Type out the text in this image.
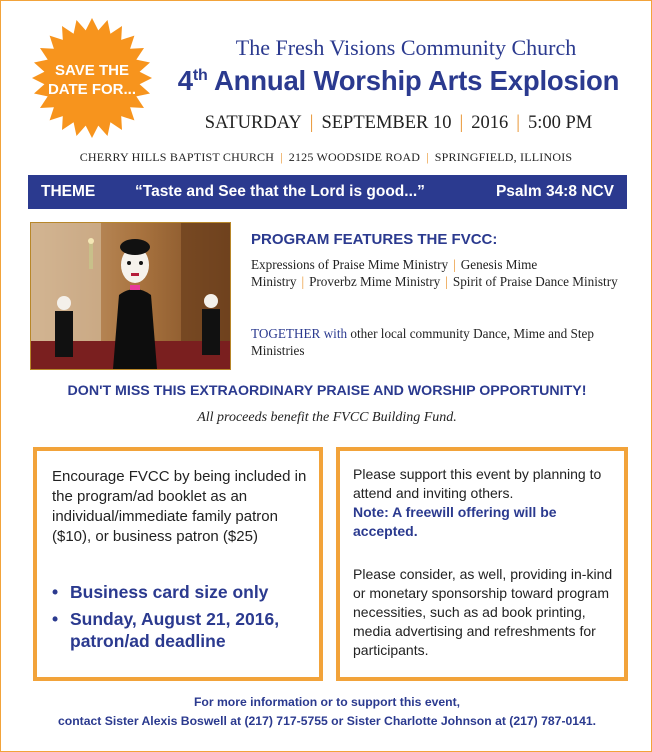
SAVE THE
DATE FOR...
The Fresh Visions Community Church
4th Annual Worship Arts Explosion
SATURDAY | SEPTEMBER 10 | 2016 | 5:00 PM
CHERRY HILLS BAPTIST CHURCH | 2125 WOODSIDE ROAD | SPRINGFIELD, ILLINOIS
THEME	“Taste and See that the Lord is good...”	Psalm 34:8 NCV
PROGRAM FEATURES THE FVCC:
Expressions of Praise Mime Ministry | Genesis Mime Ministry | Proverbz Mime Ministry | Spirit of Praise Dance Ministry
TOGETHER with other local community Dance, Mime and Step Ministries
DON'T MISS THIS EXTRAORDINARY PRAISE AND WORSHIP OPPORTUNITY!
All proceeds benefit the FVCC Building Fund.
Encourage FVCC by being included in the program/ad booklet as an individual/immediate family patron ($10), or business patron ($25)
• Business card size only
• Sunday, August 21, 2016, patron/ad deadline
Please support this event by planning to attend and inviting others.
Note: A freewill offering will be accepted.
Please consider, as well, providing in-kind or monetary sponsorship toward program necessities, such as ad book printing, media advertising and refreshments for participants.
For more information or to support this event,
contact Sister Alexis Boswell at (217) 717-5755 or Sister Charlotte Johnson at (217) 787-0141.
